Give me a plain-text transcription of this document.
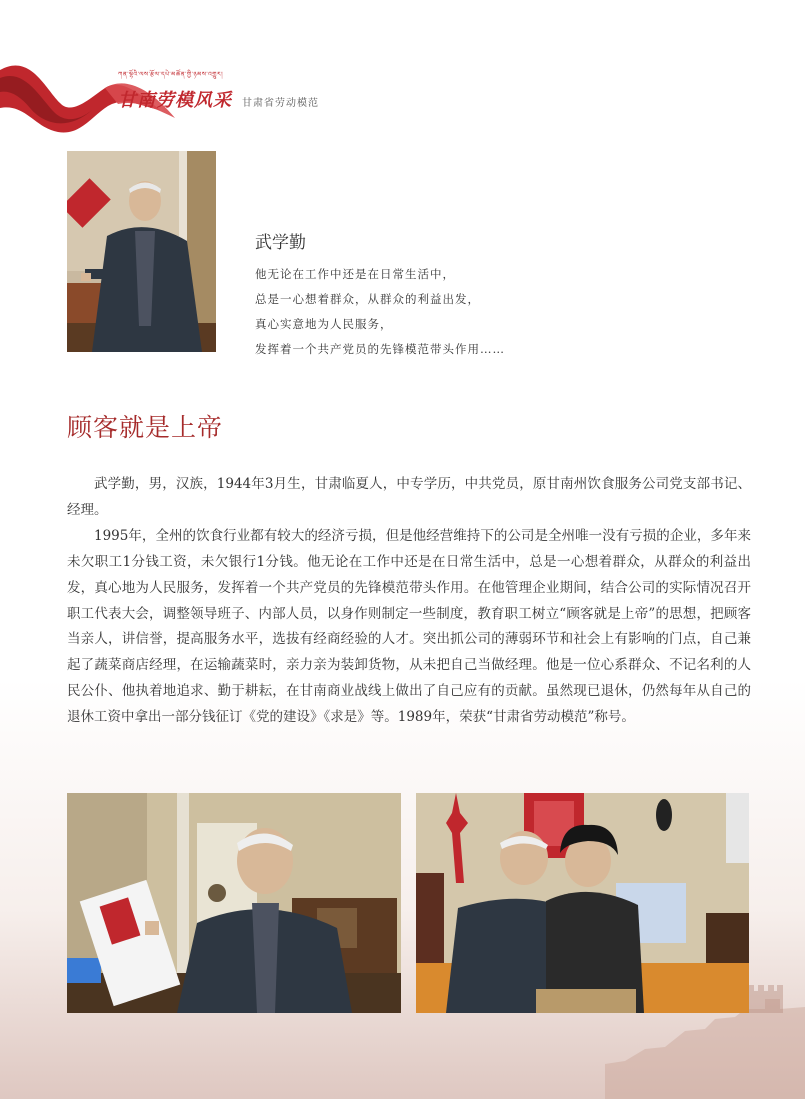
ཀན་ལྷོའི་ལས་རྩོལ་དཔེ་མཚོན་གྱི་ཉམས་འགྱུར།
甘南劳模风采 甘肃省劳动模范
武学勤
他无论在工作中还是在日常生活中，
总是一心想着群众，从群众的利益出发，
真心实意地为人民服务，
发挥着一个共产党员的先锋模范带头作用……
顾客就是上帝

武学勤，男，汉族，1944年3月生，甘肃临夏人，中专学历，中共党员，原甘南州饮食服务公司党支部书记、经理。

1995年，全州的饮食行业都有较大的经济亏损，但是他经营维持下的公司是全州唯一没有亏损的企业，多年来未欠职工1分钱工资，未欠银行1分钱。他无论在工作中还是在日常生活中，总是一心想着群众，从群众的利益出发，真心地为人民服务，发挥着一个共产党员的先锋模范带头作用。在他管理企业期间，结合公司的实际情况召开职工代表大会，调整领导班子、内部人员，以身作则制定一些制度，教育职工树立“顾客就是上帝”的思想，把顾客当亲人，讲信誉，提高服务水平，选拔有经商经验的人才。突出抓公司的薄弱环节和社会上有影响的门点，自己兼起了蔬菜商店经理，在运输蔬菜时，亲力亲为装卸货物，从未把自己当做经理。他是一位心系群众、不记名利的人民公仆、他执着地追求、勤于耕耘，在甘南商业战线上做出了自己应有的贡献。虽然现已退休，仍然每年从自己的退休工资中拿出一部分钱征订《党的建设》《求是》等。1989年，荣获“甘肃省劳动模范”称号。
